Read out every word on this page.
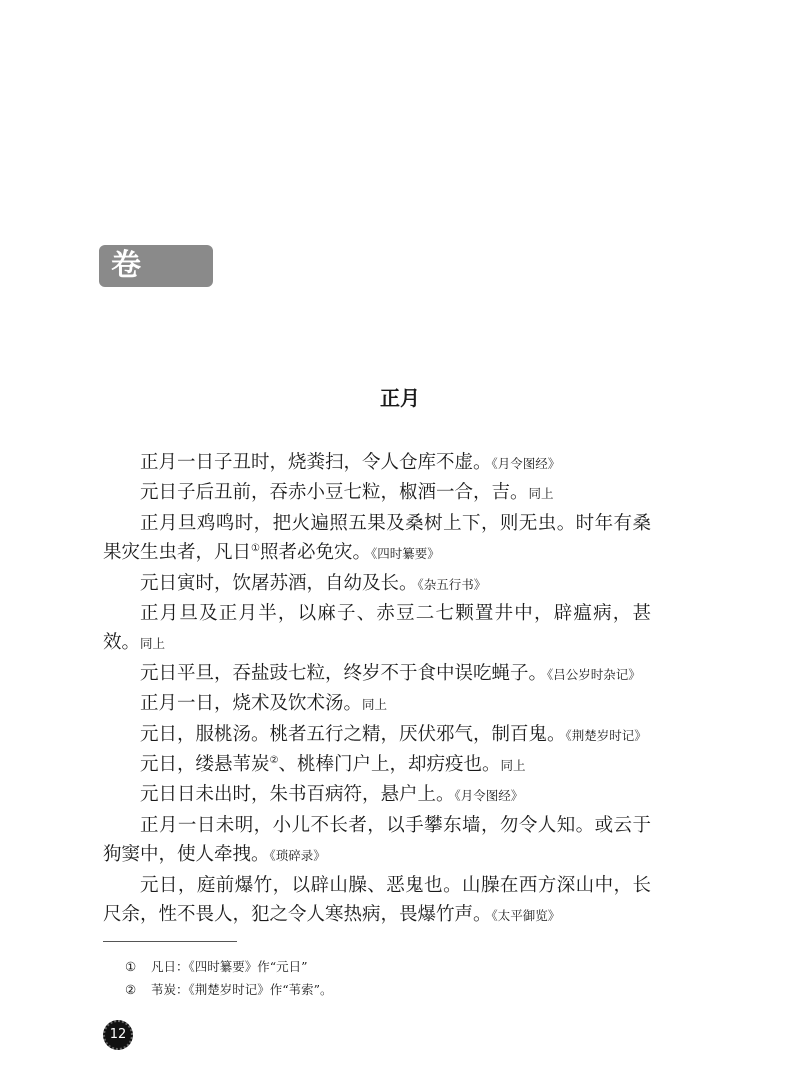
卷 上
正月

正月一日子丑时，烧粪扫，令人仓库不虚。《月令图经》

元日子后丑前，吞赤小豆七粒，椒酒一合，吉。同上

正月旦鸡鸣时，把火遍照五果及桑树上下，则无虫。时年有桑果灾生虫者，凡日①照者必免灾。《四时纂要》

元日寅时，饮屠苏酒，自幼及长。《杂五行书》

正月旦及正月半，以麻子、赤豆二七颗置井中，辟瘟病，甚效。同上

元日平旦，吞盐豉七粒，终岁不于食中误吃蝇子。《吕公岁时杂记》

正月一日，烧术及饮术汤。同上

元日，服桃汤。桃者五行之精，厌伏邪气，制百鬼。《荆楚岁时记》

元日，缕悬苇炭②、桃棒门户上，却疠疫也。同上

元日日未出时，朱书百病符，悬户上。《月令图经》

正月一日未明，小儿不长者，以手攀东墙，勿令人知。或云于狗窦中，使人牵拽。《琐碎录》

元日，庭前爆竹，以辟山臊、恶鬼也。山臊在西方深山中，长尺余，性不畏人，犯之令人寒热病，畏爆竹声。《太平御览》

① 凡日：《四时纂要》作“元日”

② 苇炭：《荆楚岁时记》作“苇索”。

12
